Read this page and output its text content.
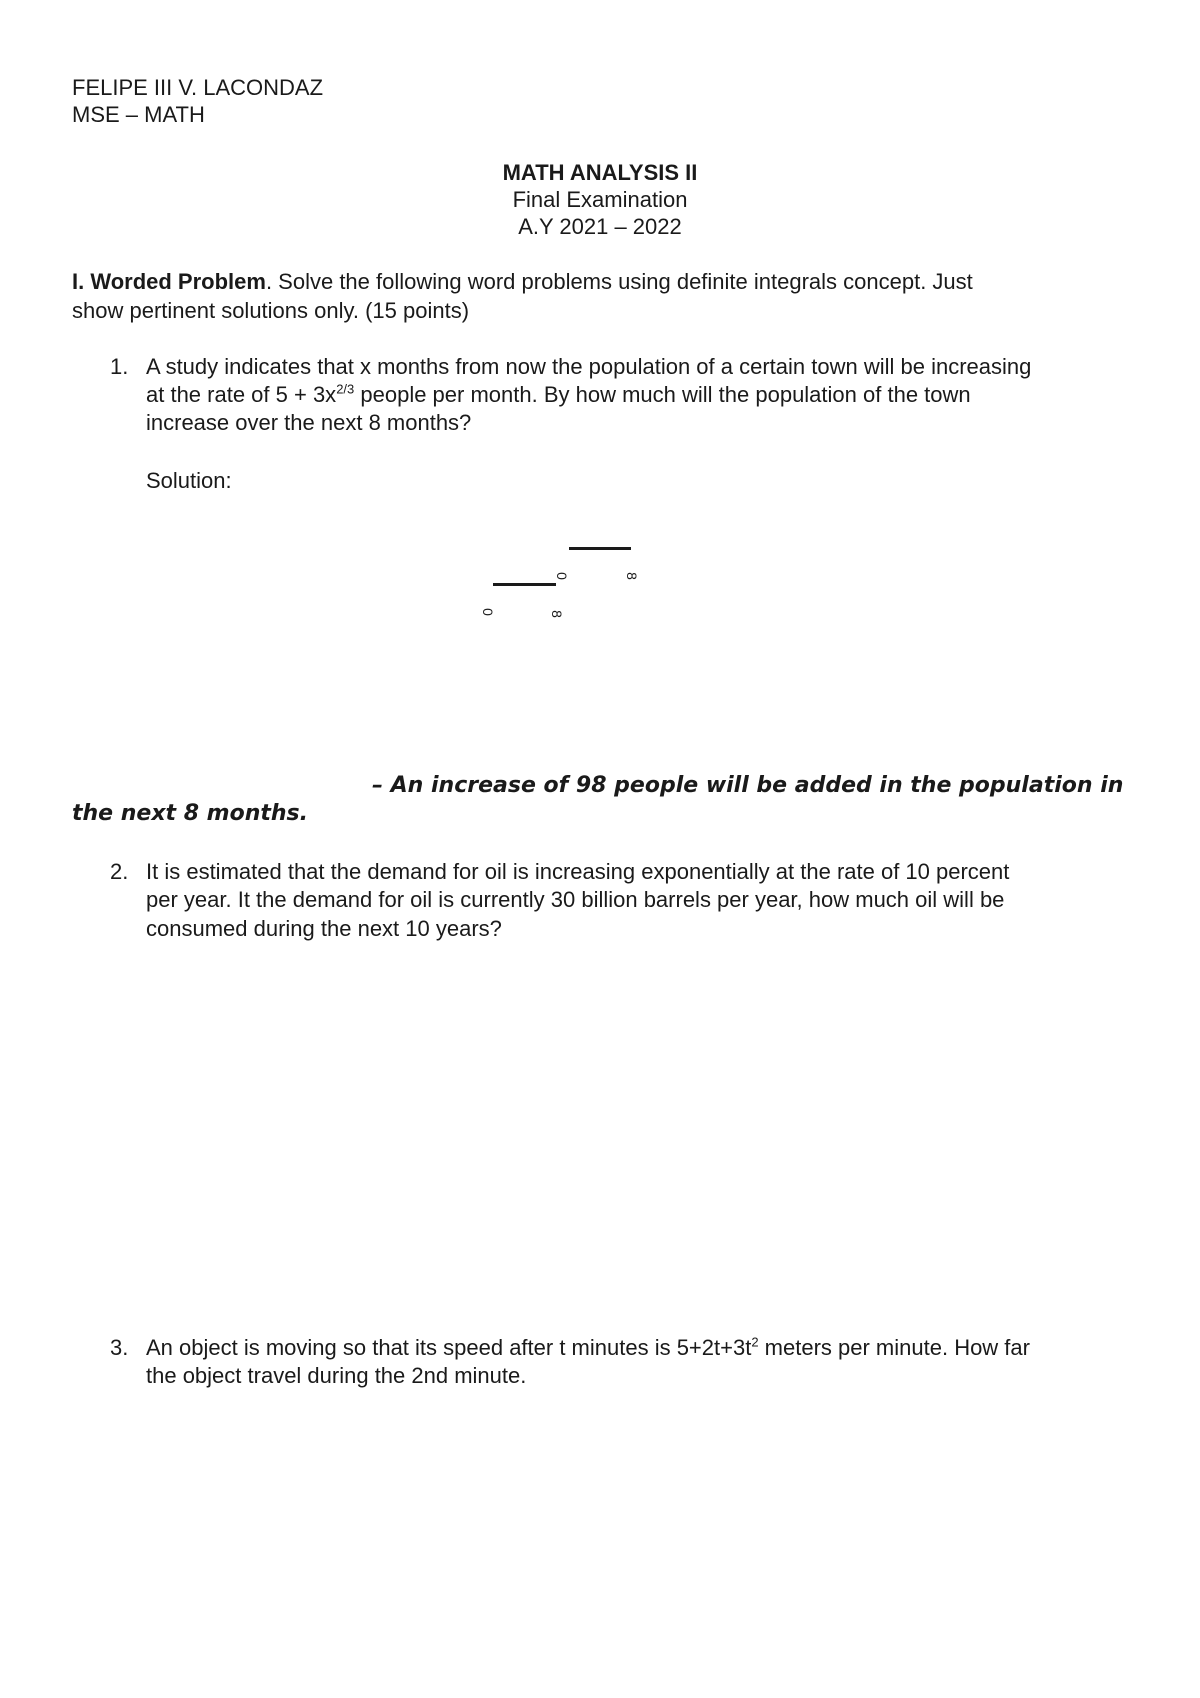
FELIPE III V. LACONDAZ
MSE – MATH
MATH ANALYSIS II
Final Examination
A.Y 2021 – 2022
I. Worded Problem. Solve the following word problems using definite integrals concept. Just
show pertinent solutions only. (15 points)
1. A study indicates that x months from now the population of a certain town will be increasing
at the rate of $5 + 3x^{2/3}$ people per month. By how much will the population of the town
increase over the next 8 months?
Solution:
0	8
0	8
– An increase of 98 people will be added in the population in
the next 8 months.
2. It is estimated that the demand for oil is increasing exponentially at the rate of 10 percent
per year. It the demand for oil is currently 30 billion barrels per year, how much oil will be
consumed during the next 10 years?
3. An object is moving so that its speed after t minutes is $5+2t+3t^2$ meters per minute. How far
the object travel during the 2nd minute.
